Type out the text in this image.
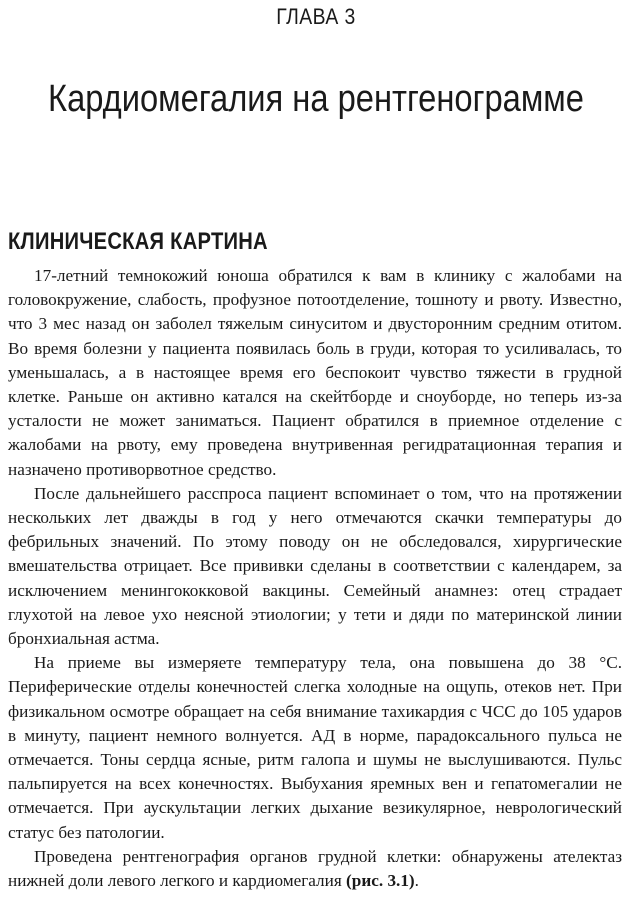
ГЛАВА 3
Кардиомегалия на рентгенограмме
КЛИНИЧЕСКАЯ КАРТИНА

17-летний темнокожий юноша обратился к вам в клинику с жалобами на головокружение, слабость, профузное потоотделение, тошноту и рвоту. Известно, что 3 мес назад он заболел тяжелым синуситом и двусторонним средним отитом. Во время болезни у пациента появилась боль в груди, которая то усиливалась, то уменьшалась, а в настоящее время его беспокоит чувство тяжести в грудной клетке. Раньше он активно катался на скейтборде и сноуборде, но теперь из-за усталости не может заниматься. Пациент обратился в приемное отделение с жалобами на рвоту, ему проведена внутривенная регидратационная терапия и назначено противорвотное средство.

После дальнейшего расспроса пациент вспоминает о том, что на протяжении нескольких лет дважды в год у него отмечаются скачки температуры до фебрильных значений. По этому поводу он не обследовался, хирургические вмешательства отрицает. Все прививки сделаны в соответствии с календарем, за исключением менингококковой вакцины. Семейный анамнез: отец страдает глухотой на левое ухо неясной этиологии; у тети и дяди по материнской линии бронхиальная астма.

На приеме вы измеряете температуру тела, она повышена до 38 °С. Периферические отделы конечностей слегка холодные на ощупь, отеков нет. При физикальном осмотре обращает на себя внимание тахикардия с ЧСС до 105 ударов в минуту, пациент немного волнуется. АД в норме, парадоксального пульса не отмечается. Тоны сердца ясные, ритм галопа и шумы не выслушиваются. Пульс пальпируется на всех конечностях. Выбухания яремных вен и гепатомегалии не отмечается. При аускультации легких дыхание везикулярное, неврологический статус без патологии.

Проведена рентгенография органов грудной клетки: обнаружены ателектаз нижней доли левого легкого и кардиомегалия (рис. 3.1).
